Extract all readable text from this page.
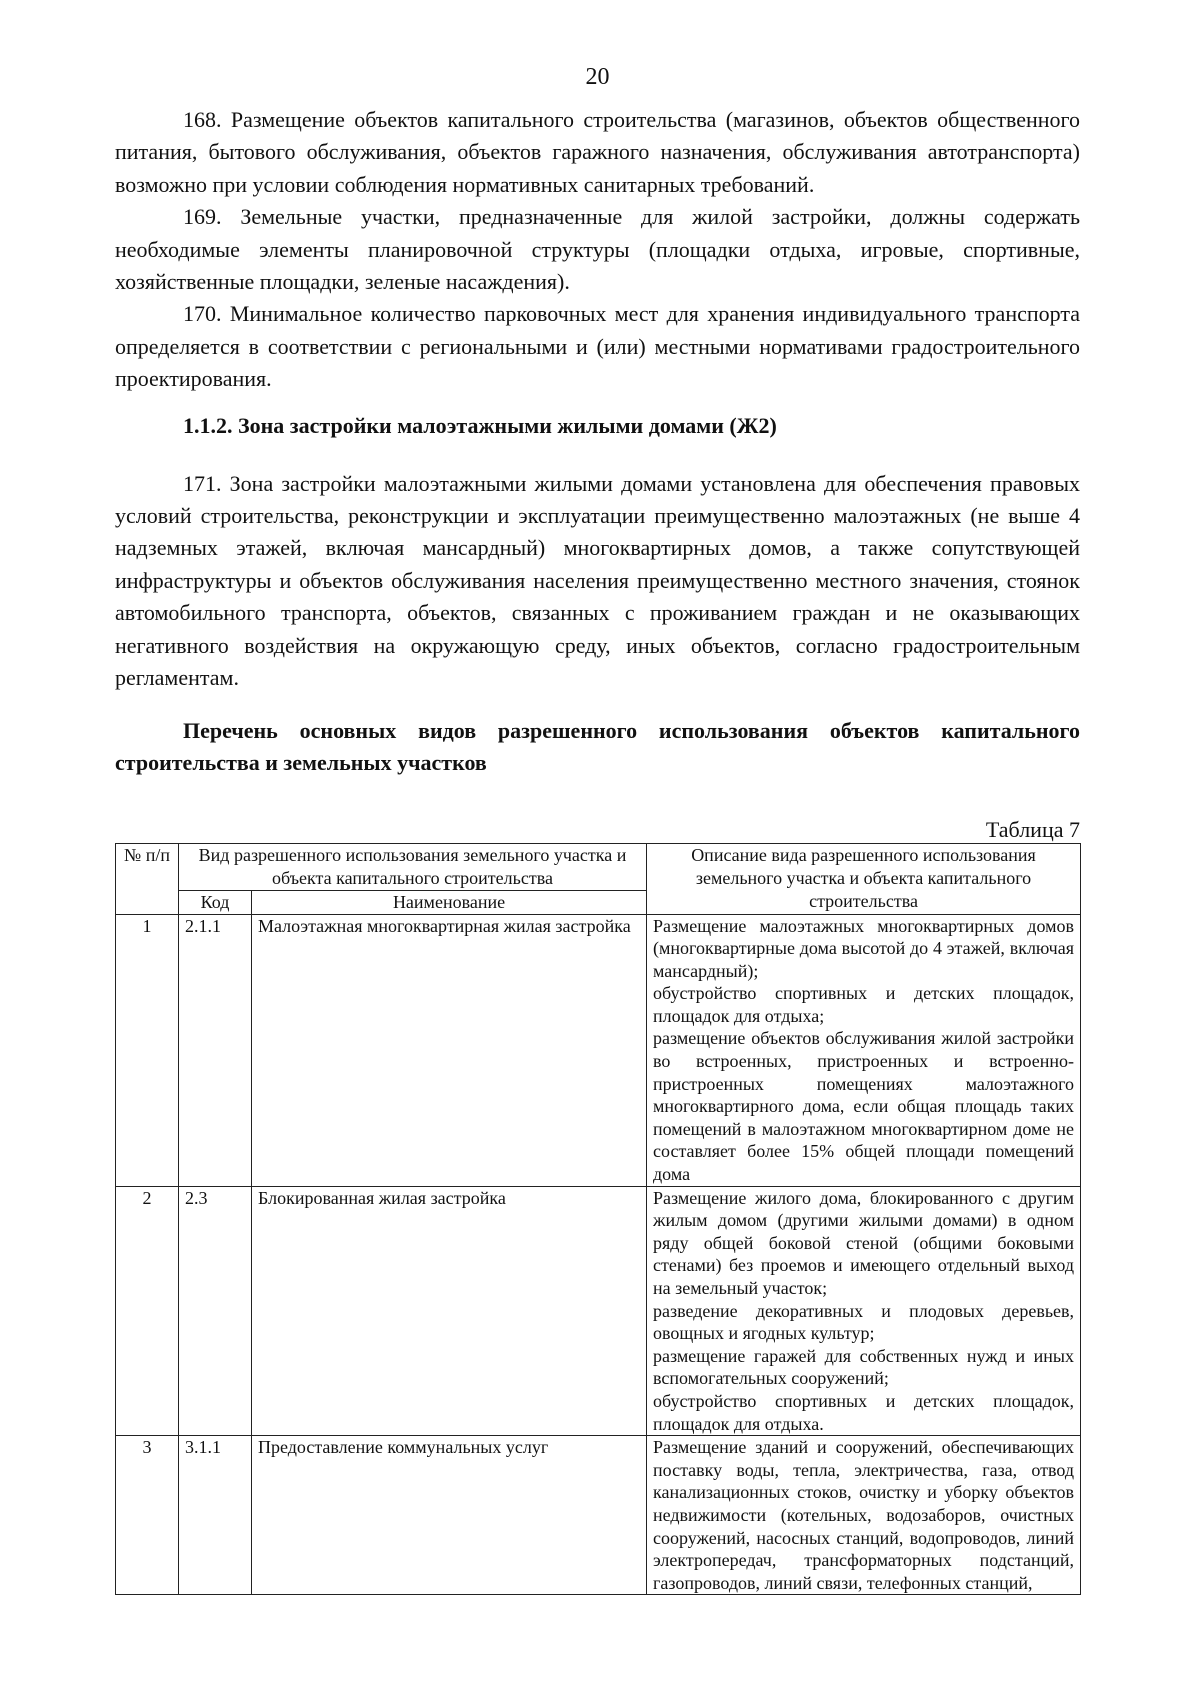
20

168. Размещение объектов капитального строительства (магазинов, объектов общественного питания, бытового обслуживания, объектов гаражного назначения, обслуживания автотранспорта) возможно при условии соблюдения нормативных санитарных требований.

169. Земельные участки, предназначенные для жилой застройки, должны содержать необходимые элементы планировочной структуры (площадки отдыха, игровые, спортивные, хозяйственные площадки, зеленые насаждения).

170. Минимальное количество парковочных мест для хранения индивидуального транспорта определяется в соответствии с региональными и (или) местными нормативами градостроительного проектирования.

1.1.2. Зона застройки малоэтажными жилыми домами (Ж2)

171. Зона застройки малоэтажными жилыми домами установлена для обеспечения правовых условий строительства, реконструкции и эксплуатации преимущественно малоэтажных (не выше 4 надземных этажей, включая мансардный) многоквартирных домов, а также сопутствующей инфраструктуры и объектов обслуживания населения преимущественно местного значения, стоянок автомобильного транспорта, объектов, связанных с проживанием граждан и не оказывающих негативного воздействия на окружающую среду, иных объектов, согласно градостроительным регламентам.

Перечень основных видов разрешенного использования объектов капитального строительства и земельных участков
Таблица 7
№ п/п	Вид разрешенного использования земельного участка и объекта капитального строительства		Описание вида разрешенного использования земельного участка и объекта капитального строительства
	Код	Наименование	
1	2.1.1	Малоэтажная многоквартирная жилая застройка	Размещение малоэтажных многоквартирных домов (многоквартирные дома высотой до 4 этажей, включая мансардный);
обустройство спортивных и детских площадок, площадок для отдыха;
размещение объектов обслуживания жилой застройки во встроенных, пристроенных и встроенно-пристроенных помещениях малоэтажного многоквартирного дома, если общая площадь таких помещений в малоэтажном многоквартирном доме не составляет более 15% общей площади помещений дома

2	2.3	Блокированная жилая застройка	Размещение жилого дома, блокированного с другим жилым домом (другими жилыми домами) в одном ряду общей боковой стеной (общими боковыми стенами) без проемов и имеющего отдельный выход на земельный участок;
разведение декоративных и плодовых деревьев, овощных и ягодных культур;
размещение гаражей для собственных нужд и иных вспомогательных сооружений;
обустройство спортивных и детских площадок, площадок для отдыха.

3	3.1.1	Предоставление коммунальных услуг	Размещение зданий и сооружений, обеспечивающих поставку воды, тепла, электричества, газа, отвод канализационных стоков, очистку и уборку объектов недвижимости (котельных, водозаборов, очистных сооружений, насосных станций, водопроводов, линий электропередач, трансформаторных подстанций, газопроводов, линий связи, телефонных станций,
